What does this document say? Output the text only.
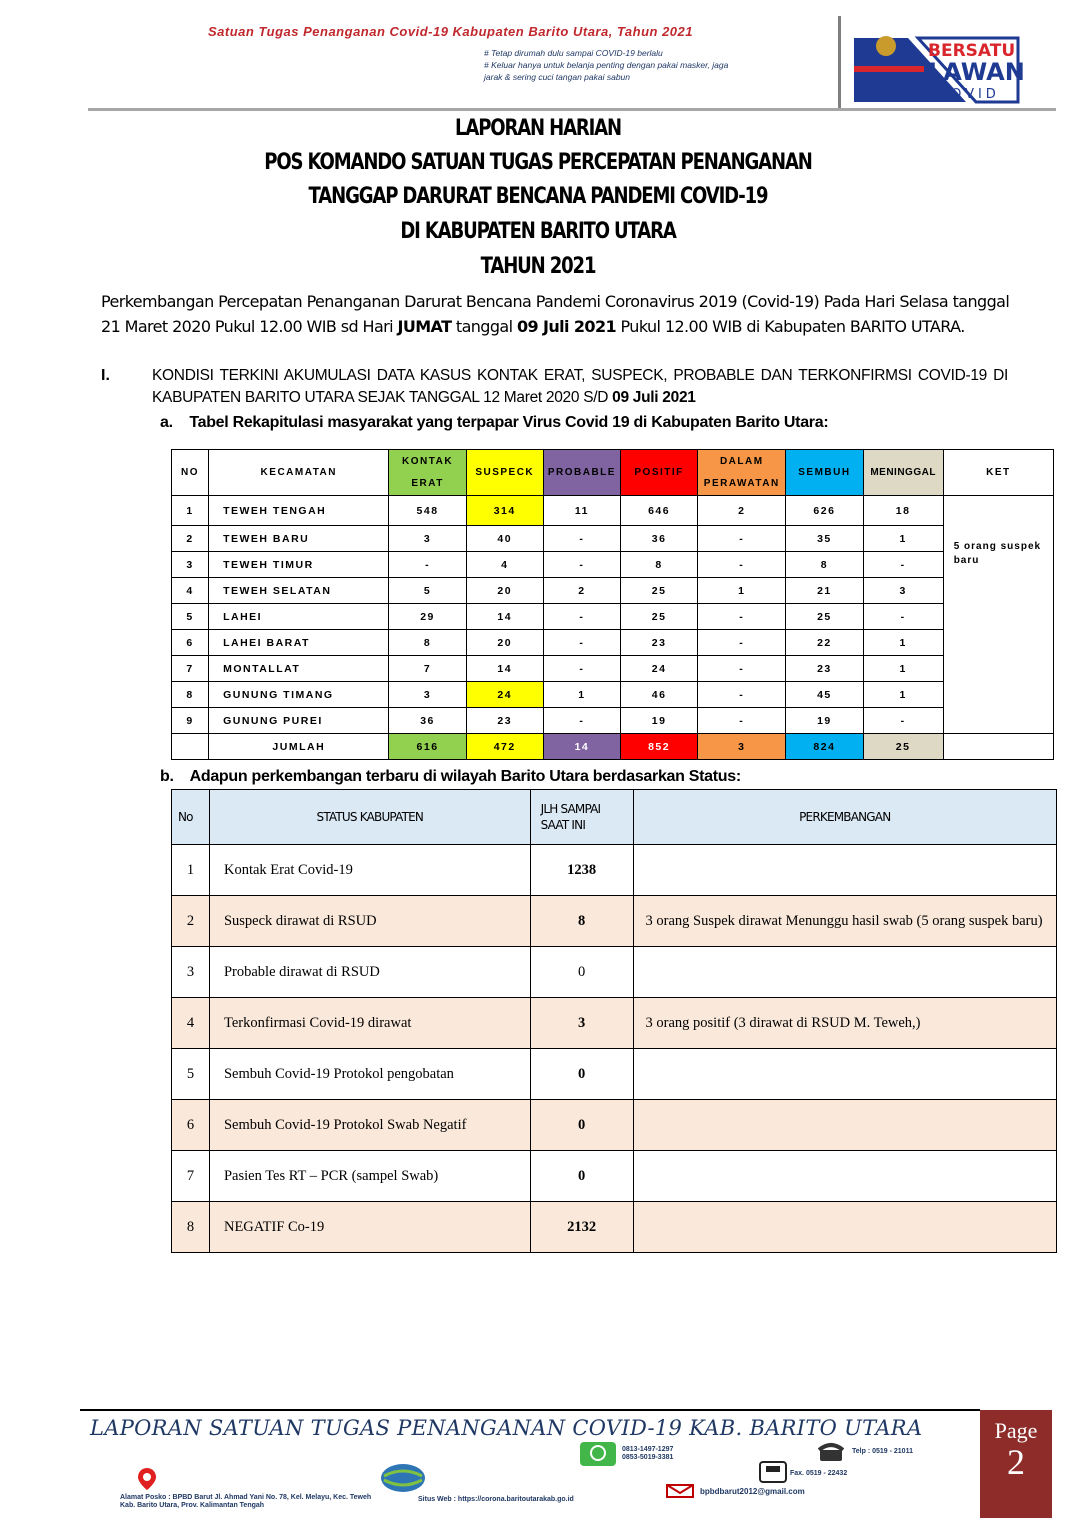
Satuan Tugas Penanganan Covid-19 Kabupaten Barito Utara, Tahun 2021
# Tetap dirumah dulu sampai COVID-19 berlalu
# Keluar hanya untuk belanja penting dengan pakai masker, jaga jarak & sering cuci tangan pakai sabun
BERSATU
LAWAN
COVID
LAPORAN HARIAN
POS KOMANDO SATUAN TUGAS PERCEPATAN PENANGANAN
TANGGAP DARURAT BENCANA PANDEMI COVID-19
DI KABUPATEN BARITO UTARA
TAHUN 2021
Perkembangan Percepatan Penanganan Darurat Bencana Pandemi Coronavirus 2019 (Covid-19) Pada Hari Selasa tanggal 21 Maret 2020 Pukul 12.00 WIB sd Hari JUMAT tanggal 09 Juli 2021 Pukul 12.00 WIB di Kabupaten BARITO UTARA.
I.	KONDISI TERKINI AKUMULASI DATA KASUS KONTAK ERAT, SUSPECK, PROBABLE DAN TERKONFIRMSI COVID-19 DI KABUPATEN BARITO UTARA SEJAK TANGGAL 12 Maret 2020 S/D 09 Juli 2021
a.    Tabel Rekapitulasi masyarakat yang terpapar Virus Covid 19 di Kabupaten Barito Utara:
NO	KECAMATAN	KONTAK
ERAT	SUSPECK	PROBABLE	POSITIF	DALAM
PERAWATAN	SEMBUH	MENINGGAL	KET
1	TEWEH TENGAH	548	314	11	646	2	626	18	5 orang suspek baru
2	TEWEH BARU	3	40	-	36	-	35	1	
3	TEWEH TIMUR	-	4	-	8	-	8	-	
4	TEWEH SELATAN	5	20	2	25	1	21	3	
5	LAHEI	29	14	-	25	-	25	-	
6	LAHEI BARAT	8	20	-	23	-	22	1	
7	MONTALLAT	7	14	-	24	-	23	1	
8	GUNUNG TIMANG	3	24	1	46	-	45	1	
9	GUNUNG PUREI	36	23	-	19	-	19	-	
	JUMLAH	616	472	14	852	3	824	25	
b.    Adapun perkembangan terbaru di wilayah Barito Utara berdasarkan Status:
No	STATUS KABUPATEN	JLH SAMPAI
SAAT INI	PERKEMBANGAN
1	Kontak Erat Covid-19	1238	
2	Suspeck dirawat di RSUD	8	3 orang Suspek dirawat Menunggu hasil swab (5 orang suspek baru)
3	Probable dirawat di RSUD	0	
4	Terkonfirmasi Covid-19 dirawat	3	3 orang positif (3 dirawat di RSUD M. Teweh,)
5	Sembuh Covid-19 Protokol pengobatan	0	
6	Sembuh Covid-19 Protokol Swab Negatif	0	
7	Pasien Tes RT – PCR (sampel Swab)	0	
8	NEGATIF Co-19	2132	
LAPORAN SATUAN TUGAS PENANGANAN COVID-19 KAB. BARITO UTARA	Page
2
Alamat Posko : BPBD Barut Jl. Ahmad Yani No. 78, Kel. Melayu, Kec. Teweh Kab. Barito Utara, Prov. Kalimantan Tengah
Situs Web : https://corona.baritoutarakab.go.id
0813-1497-1297
0853-5019-3381
Telp : 0519 - 21011
Fax. 0519 - 22432
bpbdbarut2012@gmail.com
